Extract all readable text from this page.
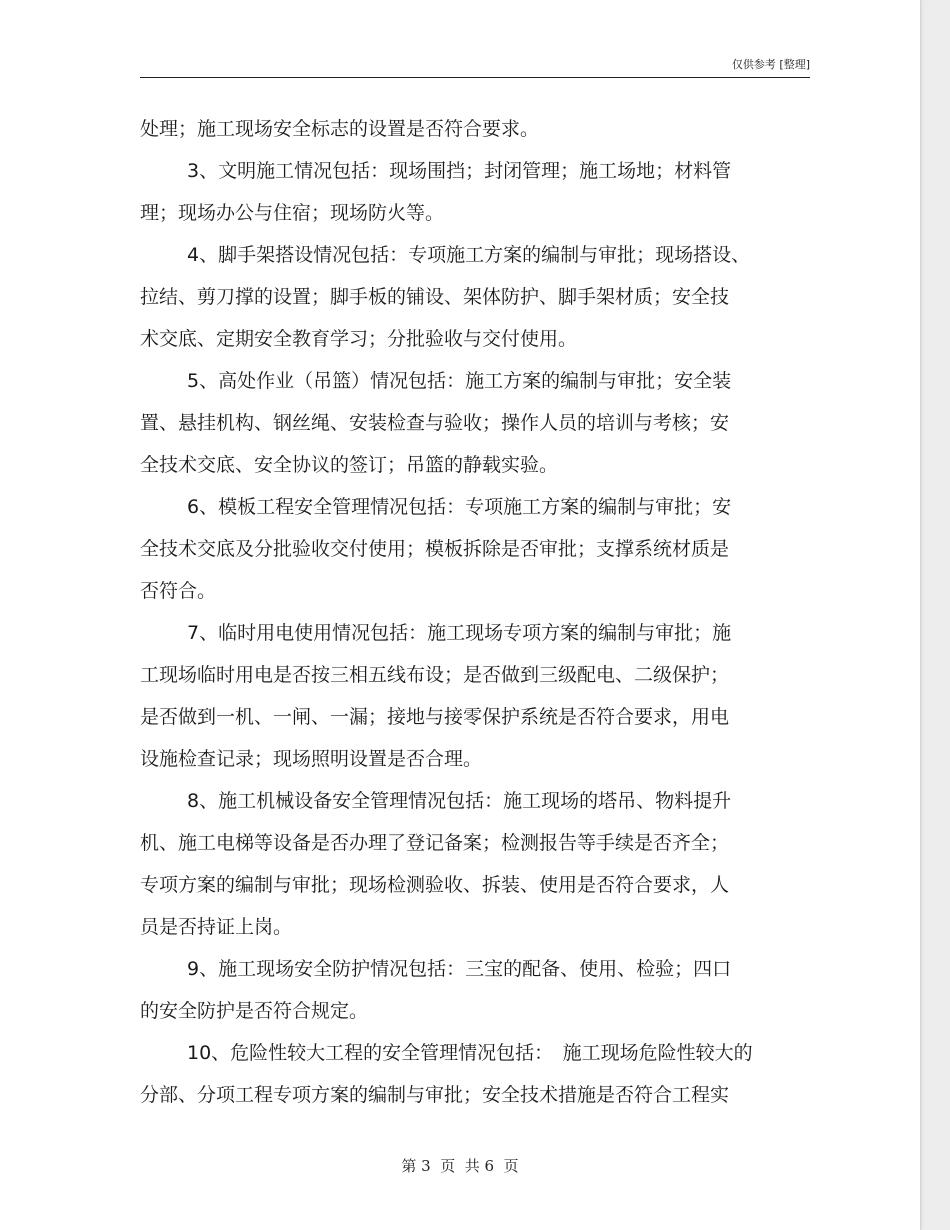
仅供参考 [整理]
处理；施工现场安全标志的设置是否符合要求。
3、文明施工情况包括：现场围挡；封闭管理；施工场地；材料管
理；现场办公与住宿；现场防火等。
4、脚手架搭设情况包括：专项施工方案的编制与审批；现场搭设、
拉结、剪刀撑的设置；脚手板的铺设、架体防护、脚手架材质；安全技
术交底、定期安全教育学习；分批验收与交付使用。
5、高处作业（吊篮）情况包括：施工方案的编制与审批；安全装
置、悬挂机构、钢丝绳、安装检查与验收；操作人员的培训与考核；安
全技术交底、安全协议的签订；吊篮的静载实验。
6、模板工程安全管理情况包括：专项施工方案的编制与审批；安
全技术交底及分批验收交付使用；模板拆除是否审批；支撑系统材质是
否符合。
7、临时用电使用情况包括：施工现场专项方案的编制与审批；施
工现场临时用电是否按三相五线布设；是否做到三级配电、二级保护；
是否做到一机、一闸、一漏；接地与接零保护系统是否符合要求，用电
设施检查记录；现场照明设置是否合理。
8、施工机械设备安全管理情况包括：施工现场的塔吊、物料提升
机、施工电梯等设备是否办理了登记备案；检测报告等手续是否齐全；
专项方案的编制与审批；现场检测验收、拆装、使用是否符合要求，人
员是否持证上岗。
9、施工现场安全防护情况包括：三宝的配备、使用、检验；四口
的安全防护是否符合规定。
10、危险性较大工程的安全管理情况包括：　施工现场危险性较大的
分部、分项工程专项方案的编制与审批；安全技术措施是否符合工程实
第 3  页  共 6  页
